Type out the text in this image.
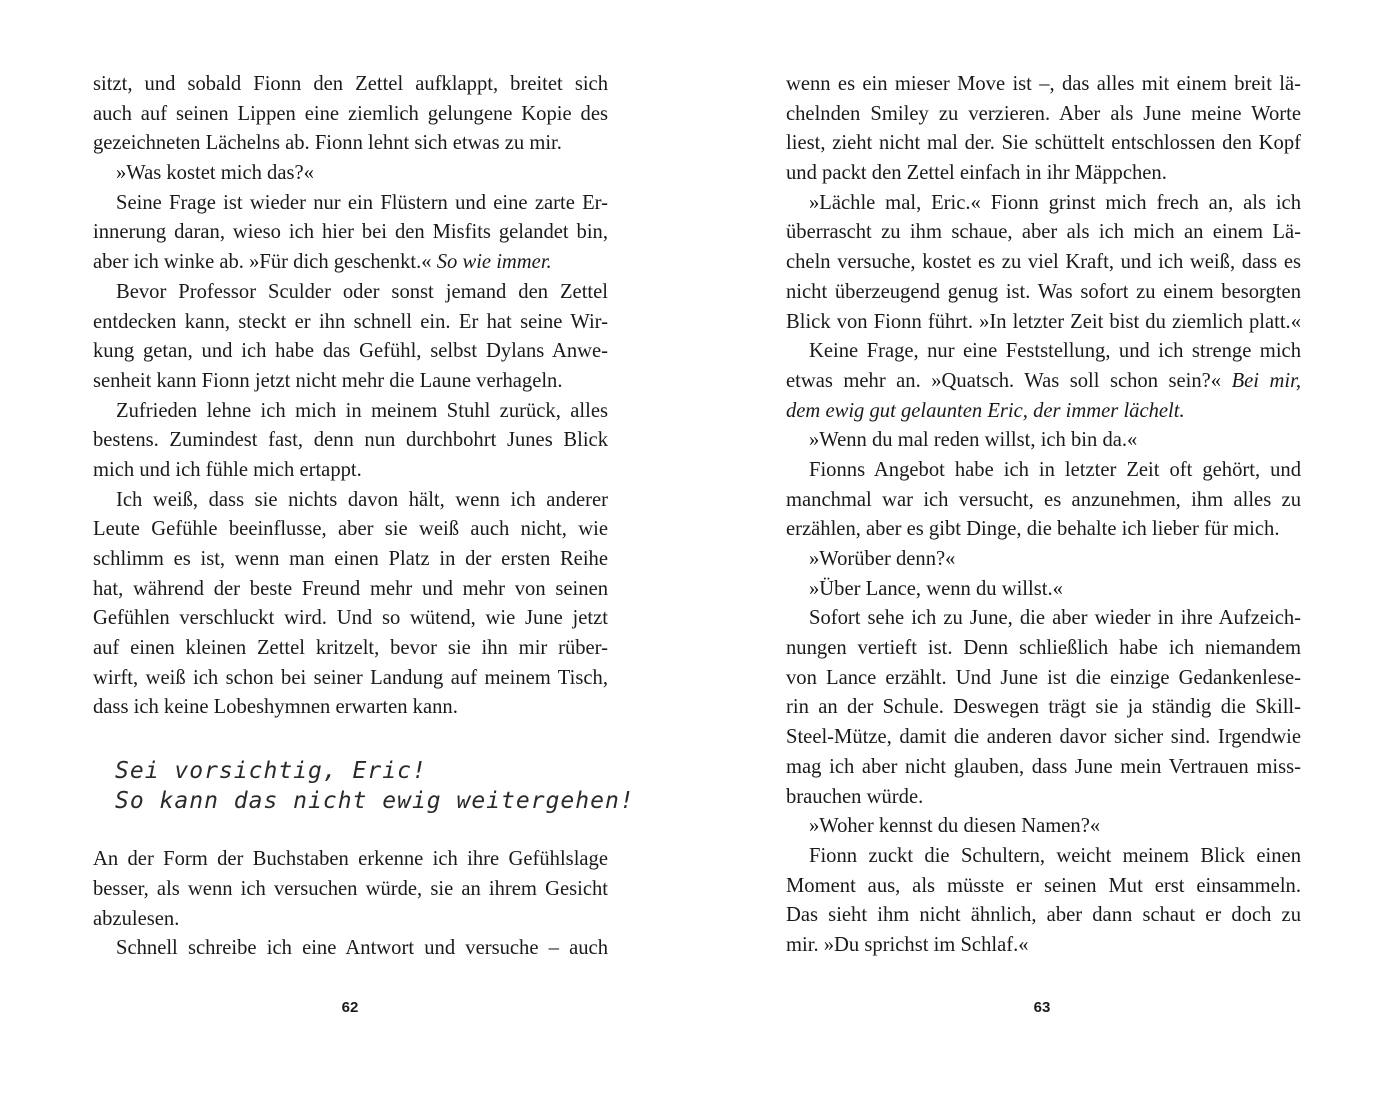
sitzt, und sobald Fionn den Zettel aufklappt, breitet sich
auch auf seinen Lippen eine ziemlich gelungene Kopie des
gezeichneten Lächelns ab. Fionn lehnt sich etwas zu mir.
»Was kostet mich das?«
Seine Frage ist wieder nur ein Flüstern und eine zarte Er-
innerung daran, wieso ich hier bei den Misfits gelandet bin,
aber ich winke ab. »Für dich geschenkt.« So wie immer.
Bevor Professor Sculder oder sonst jemand den Zettel
entdecken kann, steckt er ihn schnell ein. Er hat seine Wir-
kung getan, und ich habe das Gefühl, selbst Dylans Anwe-
senheit kann Fionn jetzt nicht mehr die Laune verhageln.
Zufrieden lehne ich mich in meinem Stuhl zurück, alles
bestens. Zumindest fast, denn nun durchbohrt Junes Blick
mich und ich fühle mich ertappt.
Ich weiß, dass sie nichts davon hält, wenn ich anderer
Leute Gefühle beeinflusse, aber sie weiß auch nicht, wie
schlimm es ist, wenn man einen Platz in der ersten Reihe
hat, während der beste Freund mehr und mehr von seinen
Gefühlen verschluckt wird. Und so wütend, wie June jetzt
auf einen kleinen Zettel kritzelt, bevor sie ihn mir rüber-
wirft, weiß ich schon bei seiner Landung auf meinem Tisch,
dass ich keine Lobeshymnen erwarten kann.
Sei vorsichtig, Eric!
So kann das nicht ewig weitergehen!
An der Form der Buchstaben erkenne ich ihre Gefühlslage
besser, als wenn ich versuchen würde, sie an ihrem Gesicht
abzulesen.
Schnell schreibe ich eine Antwort und versuche – auch
wenn es ein mieser Move ist –, das alles mit einem breit lä-
chelnden Smiley zu verzieren. Aber als June meine Worte
liest, zieht nicht mal der. Sie schüttelt entschlossen den Kopf
und packt den Zettel einfach in ihr Mäppchen.
»Lächle mal, Eric.« Fionn grinst mich frech an, als ich
überrascht zu ihm schaue, aber als ich mich an einem Lä-
cheln versuche, kostet es zu viel Kraft, und ich weiß, dass es
nicht überzeugend genug ist. Was sofort zu einem besorgten
Blick von Fionn führt. »In letzter Zeit bist du ziemlich platt.«
Keine Frage, nur eine Feststellung, und ich strenge mich
etwas mehr an. »Quatsch. Was soll schon sein?« Bei mir,
dem ewig gut gelaunten Eric, der immer lächelt.
»Wenn du mal reden willst, ich bin da.«
Fionns Angebot habe ich in letzter Zeit oft gehört, und
manchmal war ich versucht, es anzunehmen, ihm alles zu
erzählen, aber es gibt Dinge, die behalte ich lieber für mich.
»Worüber denn?«
»Über Lance, wenn du willst.«
Sofort sehe ich zu June, die aber wieder in ihre Aufzeich-
nungen vertieft ist. Denn schließlich habe ich niemandem
von Lance erzählt. Und June ist die einzige Gedankenlese-
rin an der Schule. Deswegen trägt sie ja ständig die Skill-
Steel-Mütze, damit die anderen davor sicher sind. Irgendwie
mag ich aber nicht glauben, dass June mein Vertrauen miss-
brauchen würde.
»Woher kennst du diesen Namen?«
Fionn zuckt die Schultern, weicht meinem Blick einen
Moment aus, als müsste er seinen Mut erst einsammeln.
Das sieht ihm nicht ähnlich, aber dann schaut er doch zu
mir. »Du sprichst im Schlaf.«
62	63
